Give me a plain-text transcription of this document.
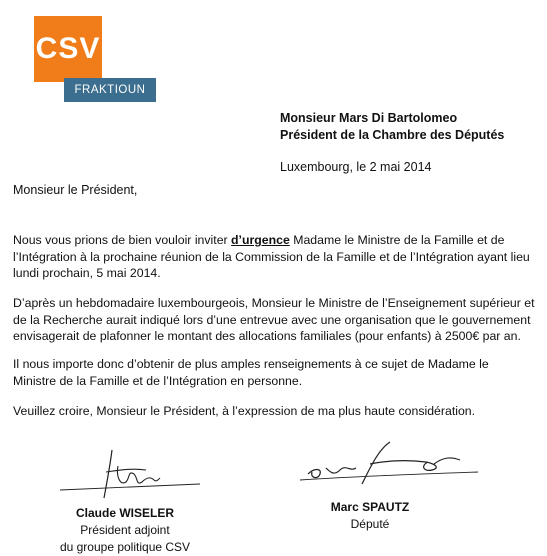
CSV
FRAKTIOUN
Monsieur Mars Di Bartolomeo
Président de la Chambre des Députés
Luxembourg, le 2 mai 2014
Monsieur le Président,

Nous vous prions de bien vouloir inviter d’urgence Madame le Ministre de la Famille et de l’Intégration à la prochaine réunion de la Commission de la Famille et de l’Intégration ayant lieu lundi prochain, 5 mai 2014.

D’après un hebdomadaire luxembourgeois, Monsieur le Ministre de l’Enseignement supérieur et de la Recherche aurait indiqué lors d’une entrevue avec une organisation que le gouvernement envisagerait de plafonner le montant des allocations familiales (pour enfants) à 2500€ par an.

Il nous importe donc d’obtenir de plus amples renseignements à ce sujet de Madame le Ministre de la Famille et de l’Intégration en personne.

Veuillez croire, Monsieur le Président, à l’expression de ma plus haute considération.

Claude WISELER
Président adjoint
du groupe politique CSV
Marc SPAUTZ
Député
